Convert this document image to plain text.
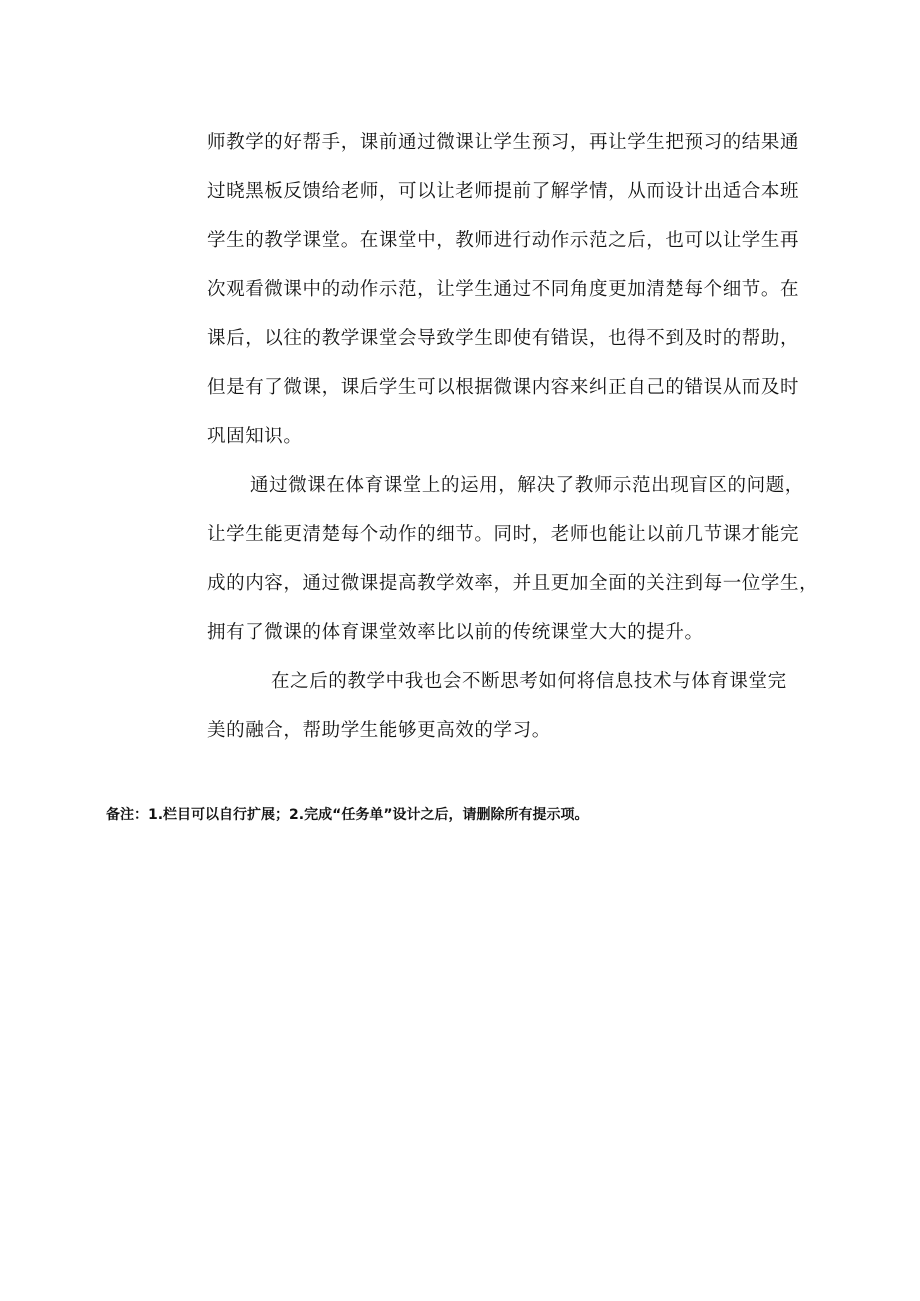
师教学的好帮手，课前通过微课让学生预习，再让学生把预习的结果通
过晓黑板反馈给老师，可以让老师提前了解学情，从而设计出适合本班
学生的教学课堂。在课堂中，教师进行动作示范之后，也可以让学生再
次观看微课中的动作示范，让学生通过不同角度更加清楚每个细节。在
课后，以往的教学课堂会导致学生即使有错误，也得不到及时的帮助，
但是有了微课，课后学生可以根据微课内容来纠正自己的错误从而及时
巩固知识。
通过微课在体育课堂上的运用，解决了教师示范出现盲区的问题，
让学生能更清楚每个动作的细节。同时，老师也能让以前几节课才能完
成的内容，通过微课提高教学效率，并且更加全面的关注到每一位学生，
拥有了微课的体育课堂效率比以前的传统课堂大大的提升。
在之后的教学中我也会不断思考如何将信息技术与体育课堂完
美的融合，帮助学生能够更高效的学习。
备注：1.栏目可以自行扩展；2.完成“任务单”设计之后，请删除所有提示项。
